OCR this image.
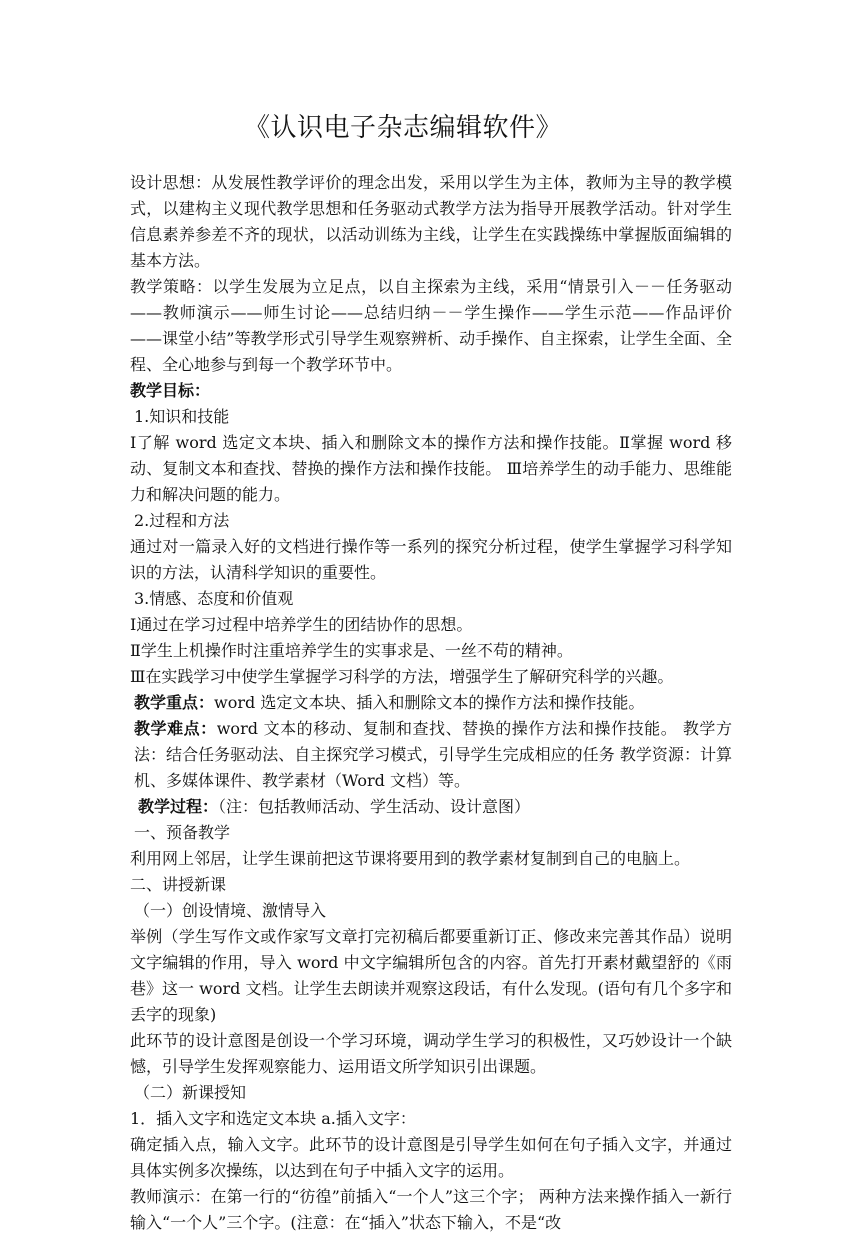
《认识电子杂志编辑软件》

设计思想：从发展性教学评价的理念出发，采用以学生为主体，教师为主导的教学模式，以建构主义现代教学思想和任务驱动式教学方法为指导开展教学活动。针对学生信息素养参差不齐的现状，以活动训练为主线，让学生在实践操练中掌握版面编辑的基本方法。

教学策略：以学生发展为立足点，以自主探索为主线，采用“情景引入－－任务驱动——教师演示——师生讨论——总结归纳－－学生操作——学生示范——作品评价——课堂小结”等教学形式引导学生观察辨析、动手操作、自主探索，让学生全面、全程、全心地参与到每一个教学环节中。

教学目标：

1.知识和技能

Ⅰ了解 word 选定文本块、插入和删除文本的操作方法和操作技能。Ⅱ掌握 word 移动、复制文本和查找、替换的操作方法和操作技能。 Ⅲ培养学生的动手能力、思维能力和解决问题的能力。

2.过程和方法

通过对一篇录入好的文档进行操作等一系列的探究分析过程，使学生掌握学习科学知识的方法，认清科学知识的重要性。

3.情感、态度和价值观

Ⅰ通过在学习过程中培养学生的团结协作的思想。

Ⅱ学生上机操作时注重培养学生的实事求是、一丝不苟的精神。

Ⅲ在实践学习中使学生掌握学习科学的方法，增强学生了解研究科学的兴趣。

教学重点：word 选定文本块、插入和删除文本的操作方法和操作技能。

教学难点：word 文本的移动、复制和查找、替换的操作方法和操作技能。 教学方法：结合任务驱动法、自主探究学习模式，引导学生完成相应的任务 教学资源：计算机、多媒体课件、教学素材（Word 文档）等。

教学过程：（注：包括教师活动、学生活动、设计意图）

一、预备教学

利用网上邻居，让学生课前把这节课将要用到的教学素材复制到自己的电脑上。

二、讲授新课

（一）创设情境、激情导入

举例（学生写作文或作家写文章打完初稿后都要重新订正、修改来完善其作品）说明文字编辑的作用，导入 word 中文字编辑所包含的内容。首先打开素材戴望舒的《雨巷》这一 word 文档。让学生去朗读并观察这段话，有什么发现。(语句有几个多字和丢字的现象)

此环节的设计意图是创设一个学习环境，调动学生学习的积极性，又巧妙设计一个缺憾，引导学生发挥观察能力、运用语文所学知识引出课题。

（二）新课授知

1．插入文字和选定文本块 a.插入文字：

确定插入点，输入文字。此环节的设计意图是引导学生如何在句子插入文字，并通过具体实例多次操练，以达到在句子中插入文字的运用。

教师演示：在第一行的“彷徨”前插入“一个人”这三个字； 两种方法来操作插入一新行输入“一个人”三个字。(注意：在“插入”状态下输入，不是“改
